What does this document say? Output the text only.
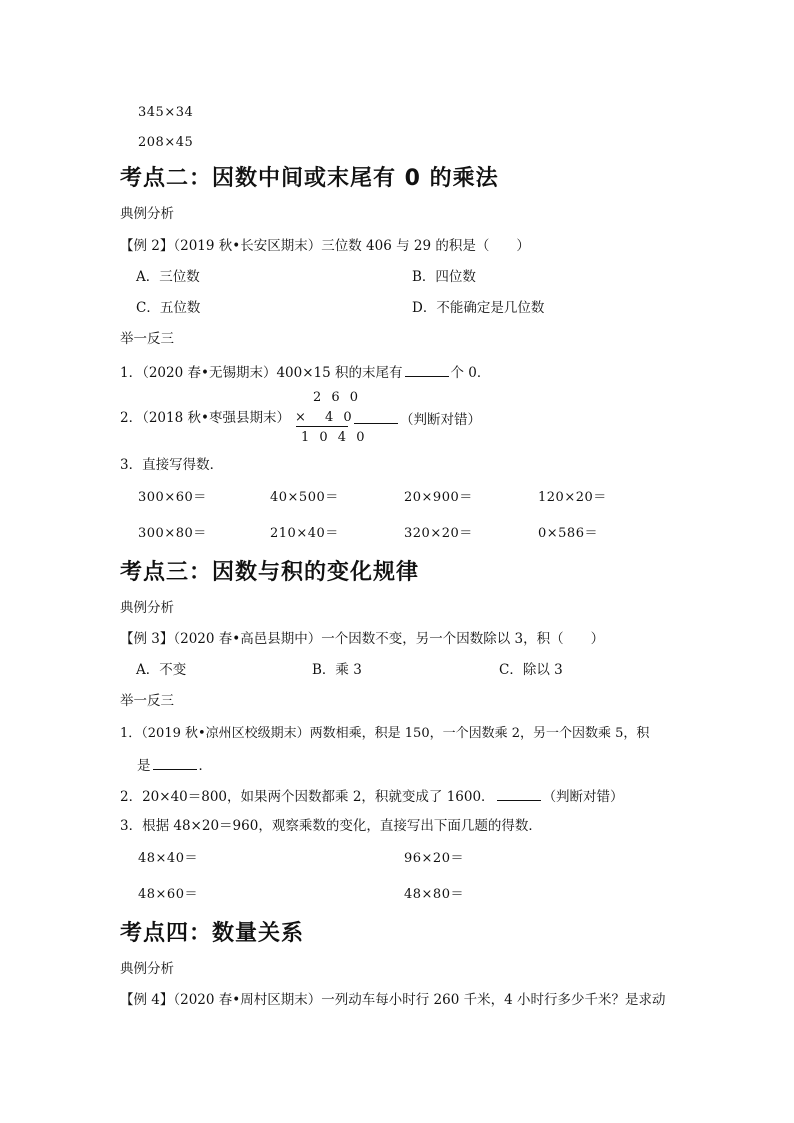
345×34
208×45
考点二：因数中间或末尾有 0 的乘法
典例分析
【例 2】（2019 秋•长安区期末）三位数 406 与 29 的积是（　　）
A．三位数	B．四位数
C．五位数	D．不能确定是几位数
举一反三
1．（2020 春•无锡期末）400×15 积的末尾有	个 0．
2．（2018 秋•枣强县期末）
2 6 0
× 4 0
1 0 4 0
（判断对错）
3．直接写得数．
300×60＝	40×500＝	20×900＝	120×20＝
300×80＝	210×40＝	320×20＝	0×586＝
考点三：因数与积的变化规律
典例分析
【例 3】（2020 春•高邑县期中）一个因数不变，另一个因数除以 3，积（　　）
A．不变	B．乘 3	C．除以 3
举一反三
1．（2019 秋•凉州区校级期末）两数相乘，积是 150，一个因数乘 2，另一个因数乘 5，积
是	．
2．20×40＝800，如果两个因数都乘 2，积就变成了 1600．	（判断对错）
3．根据 48×20＝960，观察乘数的变化，直接写出下面几题的得数．
48×40＝	96×20＝
48×60＝	48×80＝
考点四：数量关系
典例分析
【例 4】（2020 春•周村区期末）一列动车每小时行 260 千米，4 小时行多少千米？是求动
